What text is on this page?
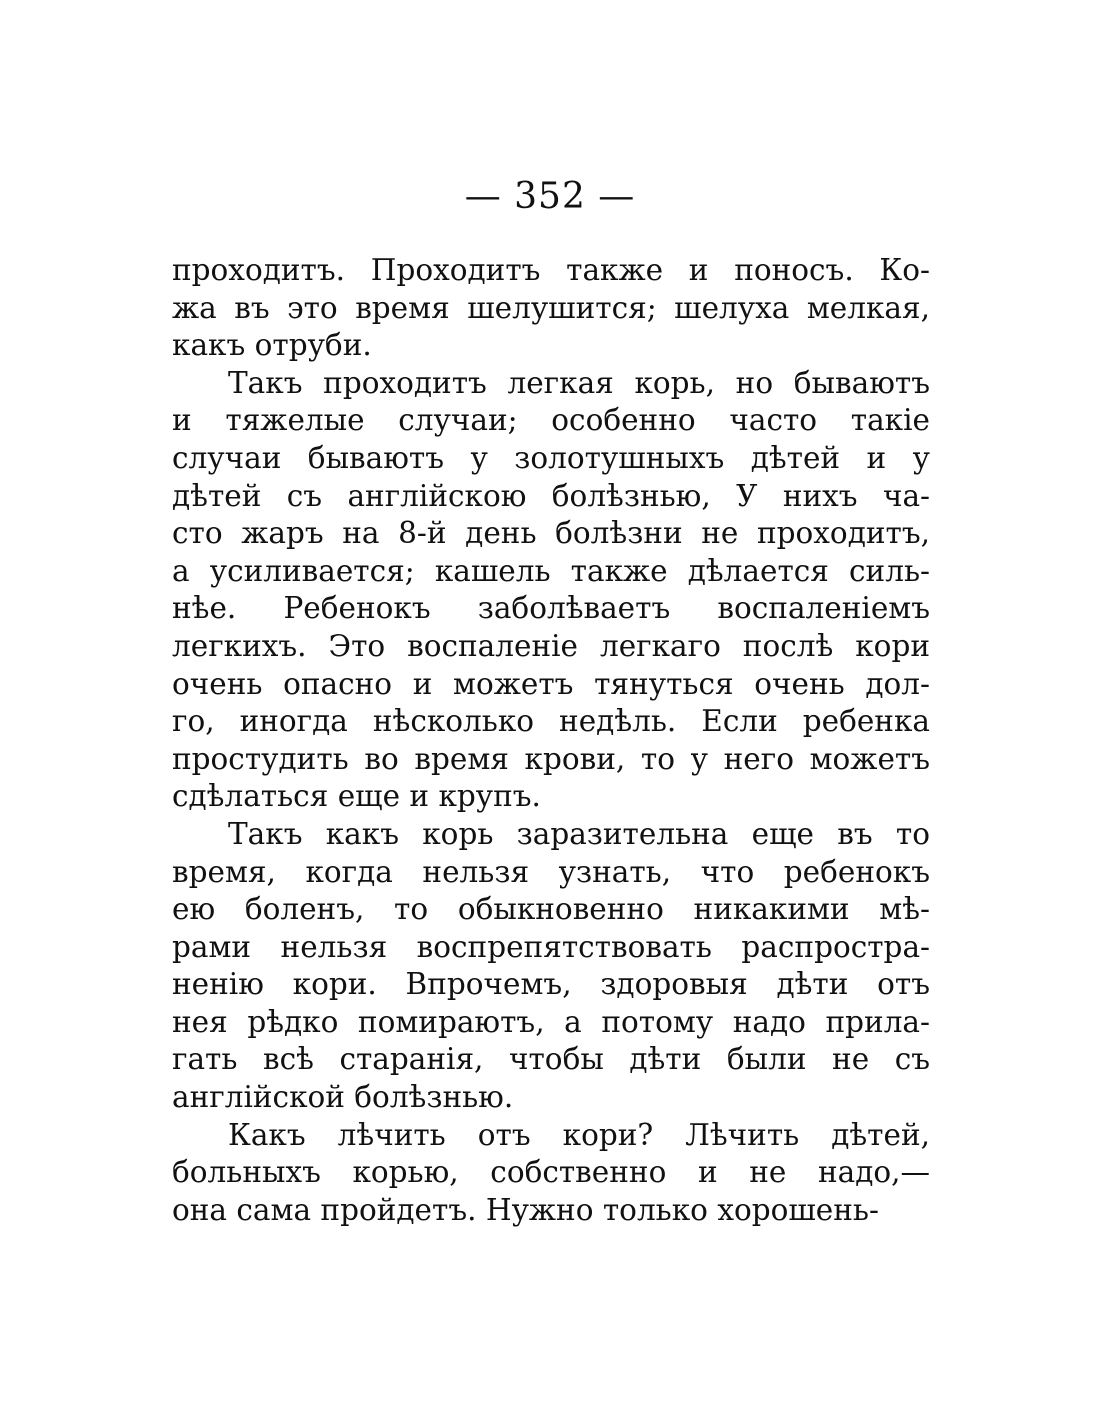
— 352 —
проходитъ. Проходитъ также и поносъ. Ко-
жа въ это время шелушится; шелуха мелкая,
какъ отруби.
Такъ проходитъ легкая корь, но бываютъ
и тяжелые случаи; особенно часто такіе
случаи бываютъ у золотушныхъ дѣтей и у
дѣтей съ англійскою болѣзнью, У нихъ ча-
сто жаръ на 8-й день болѣзни не проходитъ,
а усиливается; кашель также дѣлается силь-
нѣе. Ребенокъ заболѣваетъ воспаленіемъ
легкихъ. Это воспаленіе легкаго послѣ кори
очень опасно и можетъ тянуться очень дол-
го, иногда нѣсколько недѣль. Если ребенка
простудить во время крови, то у него можетъ
сдѣлаться еще и крупъ.
Такъ какъ корь заразительна еще въ то
время, когда нельзя узнать, что ребенокъ
ею боленъ, то обыкновенно никакими мѣ-
рами нельзя воспрепятствовать распростра-
ненію кори. Впрочемъ, здоровыя дѣти отъ
нея рѣдко помираютъ, а потому надо прила-
гать всѣ старанія, чтобы дѣти были не съ
англійской болѣзнью.
Какъ лѣчить отъ кори? Лѣчить дѣтей,
больныхъ корью, собственно и не надо,—
она сама пройдетъ. Нужно только хорошень-
